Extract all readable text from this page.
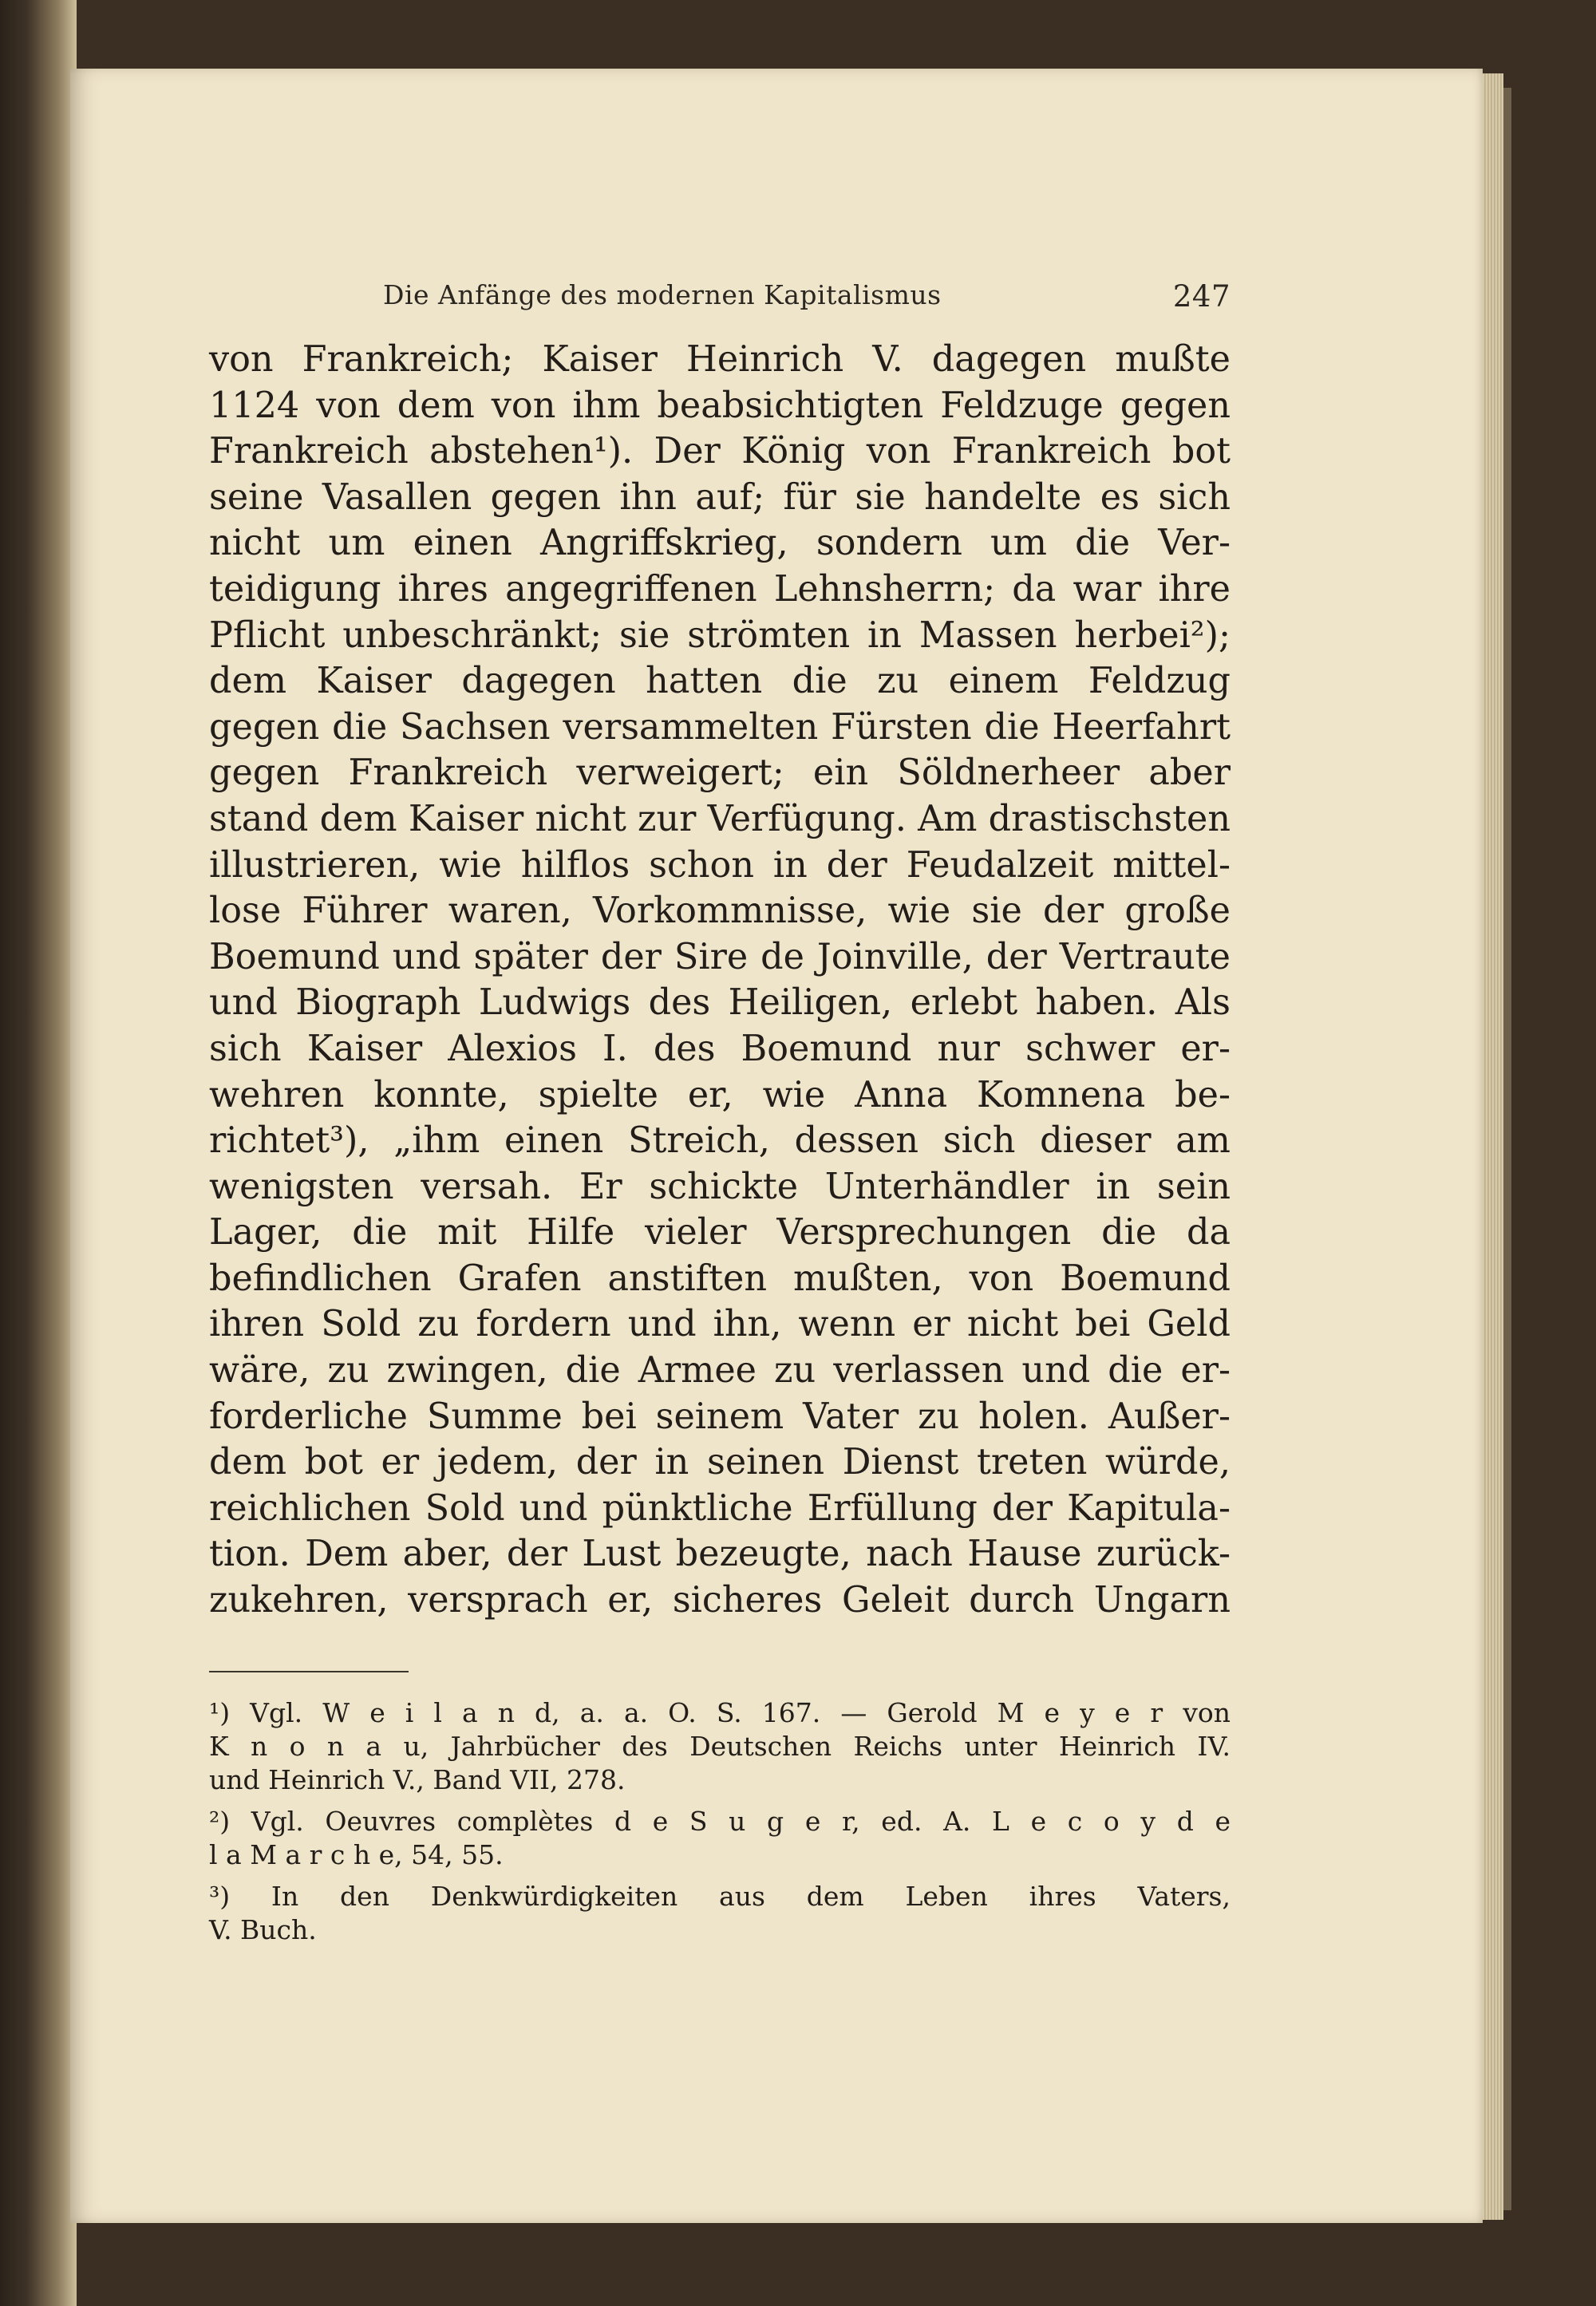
Die Anfänge des modernen Kapitalismus	247
von Frankreich; Kaiser Heinrich V. dagegen mußte
1124 von dem von ihm beabsichtigten Feldzuge gegen
Frankreich abstehen¹). Der König von Frankreich bot
seine Vasallen gegen ihn auf; für sie handelte es sich
nicht um einen Angriffskrieg, sondern um die Ver-
teidigung ihres angegriffenen Lehnsherrn; da war ihre
Pflicht unbeschränkt; sie strömten in Massen herbei²);
dem Kaiser dagegen hatten die zu einem Feldzug
gegen die Sachsen versammelten Fürsten die Heerfahrt
gegen Frankreich verweigert; ein Söldnerheer aber
stand dem Kaiser nicht zur Verfügung. Am drastischsten
illustrieren, wie hilflos schon in der Feudalzeit mittel-
lose Führer waren, Vorkommnisse, wie sie der große
Boemund und später der Sire de Joinville, der Vertraute
und Biograph Ludwigs des Heiligen, erlebt haben. Als
sich Kaiser Alexios I. des Boemund nur schwer er-
wehren konnte, spielte er, wie Anna Komnena be-
richtet³), „ihm einen Streich, dessen sich dieser am
wenigsten versah. Er schickte Unterhändler in sein
Lager, die mit Hilfe vieler Versprechungen die da
befindlichen Grafen anstiften mußten, von Boemund
ihren Sold zu fordern und ihn, wenn er nicht bei Geld
wäre, zu zwingen, die Armee zu verlassen und die er-
forderliche Summe bei seinem Vater zu holen. Außer-
dem bot er jedem, der in seinen Dienst treten würde,
reichlichen Sold und pünktliche Erfüllung der Kapitula-
tion. Dem aber, der Lust bezeugte, nach Hause zurück-
zukehren, versprach er, sicheres Geleit durch Ungarn
¹) Vgl. W e i l a n d, a. a. O. S. 167. — Gerold M e y e r von
K n o n a u, Jahrbücher des Deutschen Reichs unter Heinrich IV.
und Heinrich V., Band VII, 278.
²) Vgl. Oeuvres complètes d e S u g e r, ed. A. L e c o y d e
l a M a r c h e, 54, 55.
³) In den Denkwürdigkeiten aus dem Leben ihres Vaters,
V. Buch.
